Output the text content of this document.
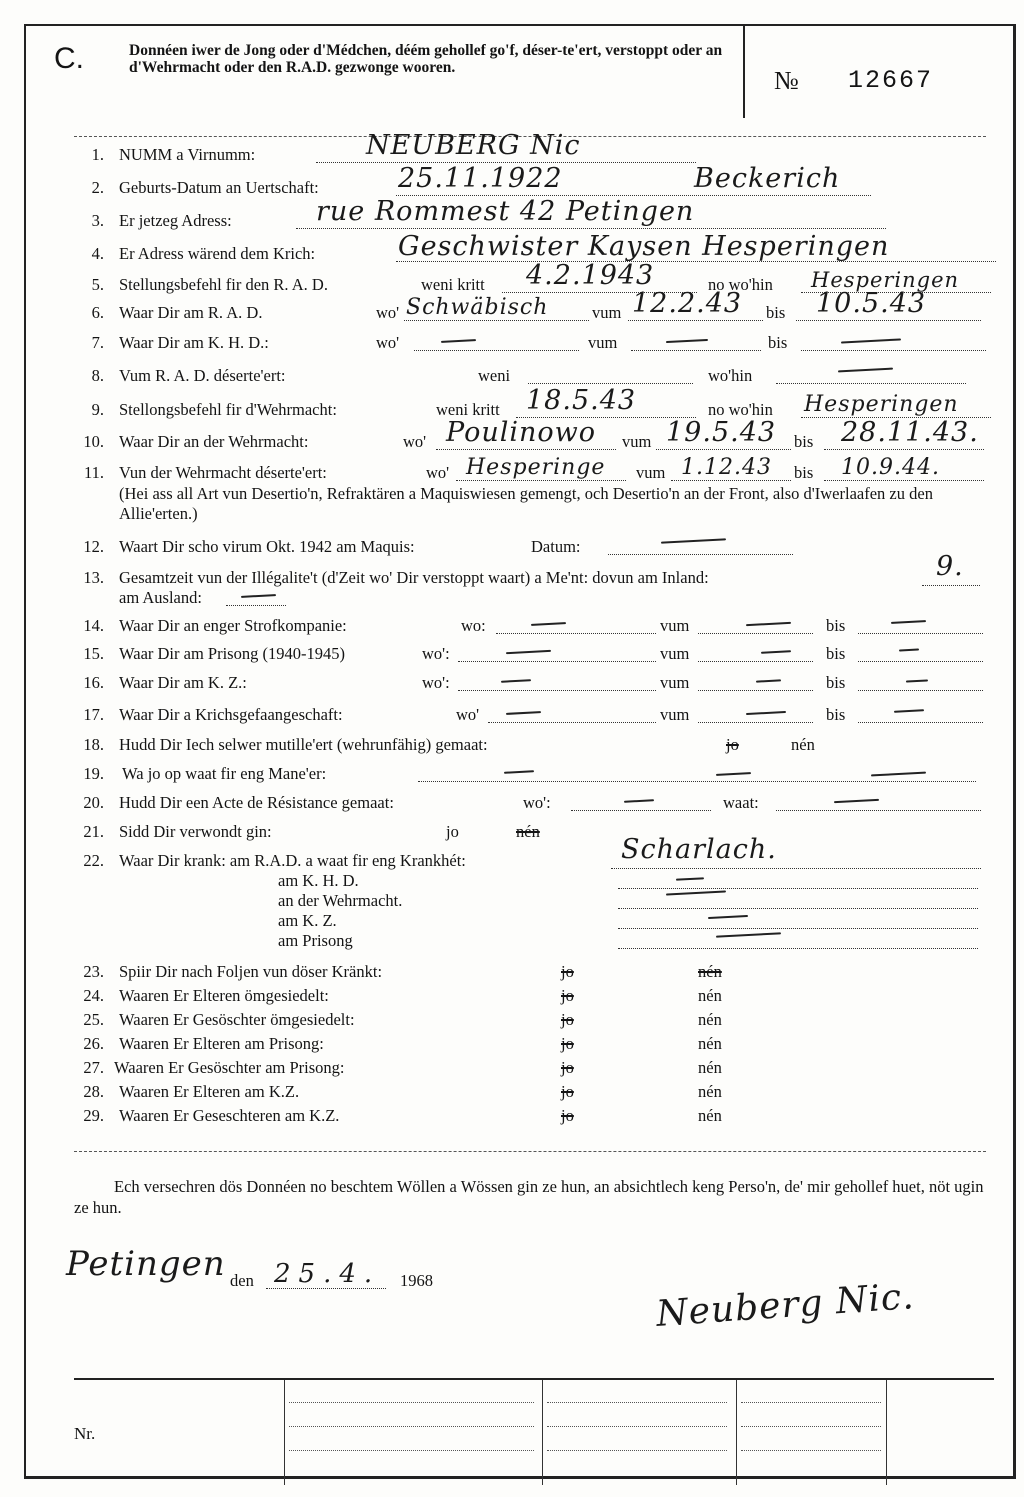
C.	Donnéen iwer de Jong oder d'Médchen, déém gehollef go'f, déser-te'ert, verstoppt oder an d'Wehrmacht oder den R.A.D. gezwonge wooren.	№ 12667
1. NUMM a Virnumm:	NEUBERG Nic
2. Geburts-Datum an Uertschaft:	25.11.1922	Beckerich
3. Er jetzeg Adress:	rue Rommest 42 Petingen
4. Er Adress wärend dem Krich:	Geschwister Kaysen Hesperingen
5. Stellungsbefehl fir den R. A. D.	weni kritt 4.2.1943	no wo'hin Hesperingen
6. Waar Dir am R. A. D.	wo' Schwäbisch	vum 12.2.43 bis 10.5.43
7. Waar Dir am K. H. D.:	wo'	vum	bis
8. Vum R. A. D. déserte'ert:	weni	wo'hin
9. Stellongsbefehl fir d'Wehrmacht:	weni kritt 18.5.43	no wo'hin Hesperingen
10. Waar Dir an der Wehrmacht:	wo' Poulinowo vum 19.5.43 bis 28.11.43.
11. Vun der Wehrmacht déserte'ert:	wo' Hesperinge vum 1.12.43 bis 10.9.44.
(Hei ass all Art vun Desertio'n, Refraktären a Maquiswiesen gemengt, och Desertio'n an der Front, also d'Iwerlaafen zu den Allie'erten.)
12. Waart Dir scho virum Okt. 1942 am Maquis:	Datum:
13. Gesamtzeit vun der Illégalite't (d'Zeit wo' Dir verstoppt waart) a Me'nt: dovun am Inland:	9.
am Ausland:
14. Waar Dir an enger Strofkompanie:	wo:	vum	bis
15. Waar Dir am Prisong (1940-1945)	wo':	vum	bis
16. Waar Dir am K. Z.:	wo':	vum	bis
17. Waar Dir a Krichsgefaangeschaft:	wo'	vum	bis
18. Hudd Dir Iech selwer mutille'ert (wehrunfähig) gemaat:	jo	nén
19. Wa jo op waat fir eng Mane'er:
20. Hudd Dir een Acte de Résistance gemaat:	wo':	waat:
21. Sidd Dir verwondt gin:	jo	nén
22. Waar Dir krank: am R.A.D. a waat fir eng Krankhét:	Scharlach.
am K. H. D.
an der Wehrmacht.
am K. Z.
am Prisong
23. Spiir Dir nach Foljen vun döser Kränkt:	jo	nén
24. Waaren Er Elteren ömgesiedelt:	jo	nén
25. Waaren Er Gesöschter ömgesiedelt:	jo	nén
26. Waaren Er Elteren am Prisong:	jo	nén
27. Waaren Er Gesöschter am Prisong:	jo	nén
28. Waaren Er Elteren am K.Z.	jo	nén
29. Waaren Er Geseschteren am K.Z.	jo	nén
Ech versechren dös Donnéen no beschtem Wöllen a Wössen gin ze hun, an absichtlech keng Perso'n, de' mir gehollef huet, nöt ugin ze hun.
Petingen den 25.4. 1968	Neuberg Nic.
Nr.
